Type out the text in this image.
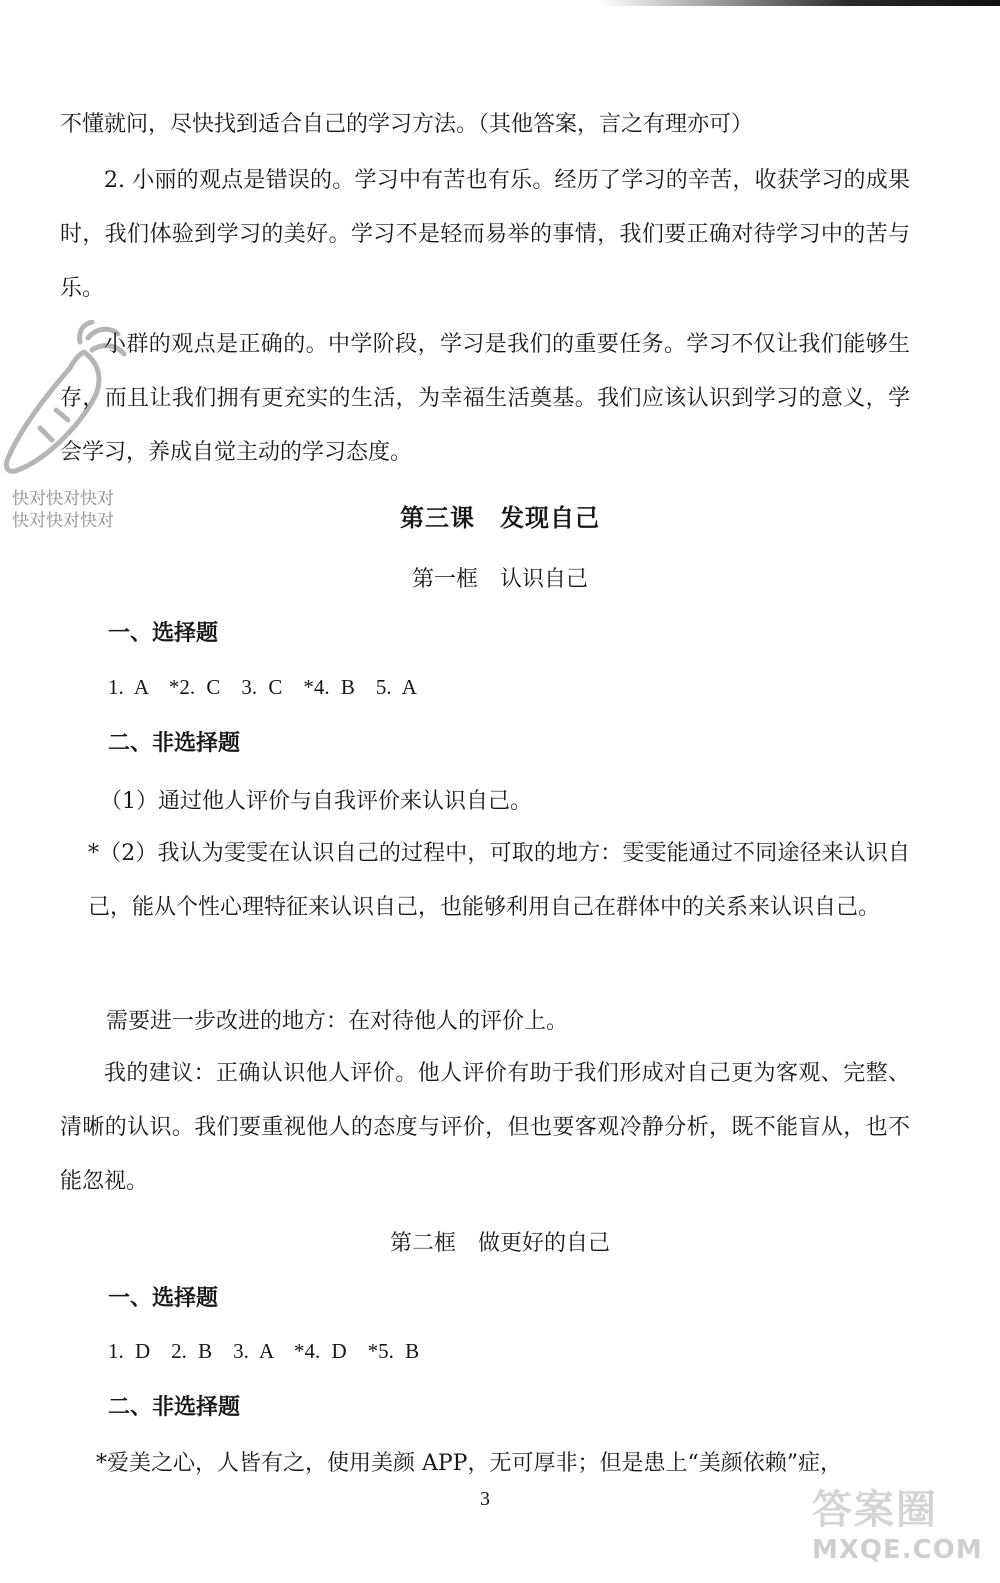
快对快对快对
快对快对快对
不懂就问，尽快找到适合自己的学习方法。（其他答案，言之有理亦可）
2. 小丽的观点是错误的。学习中有苦也有乐。经历了学习的辛苦，收获学习的成果时，我们体验到学习的美好。学习不是轻而易举的事情，我们要正确对待学习中的苦与乐。
小群的观点是正确的。中学阶段，学习是我们的重要任务。学习不仅让我们能够生存，而且让我们拥有更充实的生活，为幸福生活奠基。我们应该认识到学习的意义，学会学习，养成自觉主动的学习态度。
第三课　发现自己
第一框　认识自己
一、选择题
1. A　*2. C　3. C　*4. B　5. A
二、非选择题
（1）通过他人评价与自我评价来认识自己。
*（2）我认为雯雯在认识自己的过程中，可取的地方：雯雯能通过不同途径来认识自己，能从个性心理特征来认识自己，也能够利用自己在群体中的关系来认识自己。
需要进一步改进的地方：在对待他人的评价上。
我的建议：正确认识他人评价。他人评价有助于我们形成对自己更为客观、完整、清晰的认识。我们要重视他人的态度与评价，但也要客观冷静分析，既不能盲从，也不能忽视。
第二框　做更好的自己
一、选择题
1. D　2. B　3. A　*4. D　*5. B
二、非选择题
*爱美之心，人皆有之，使用美颜 APP，无可厚非；但是患上“美颜依赖”症，
3	答案圈
MXQE.COM
